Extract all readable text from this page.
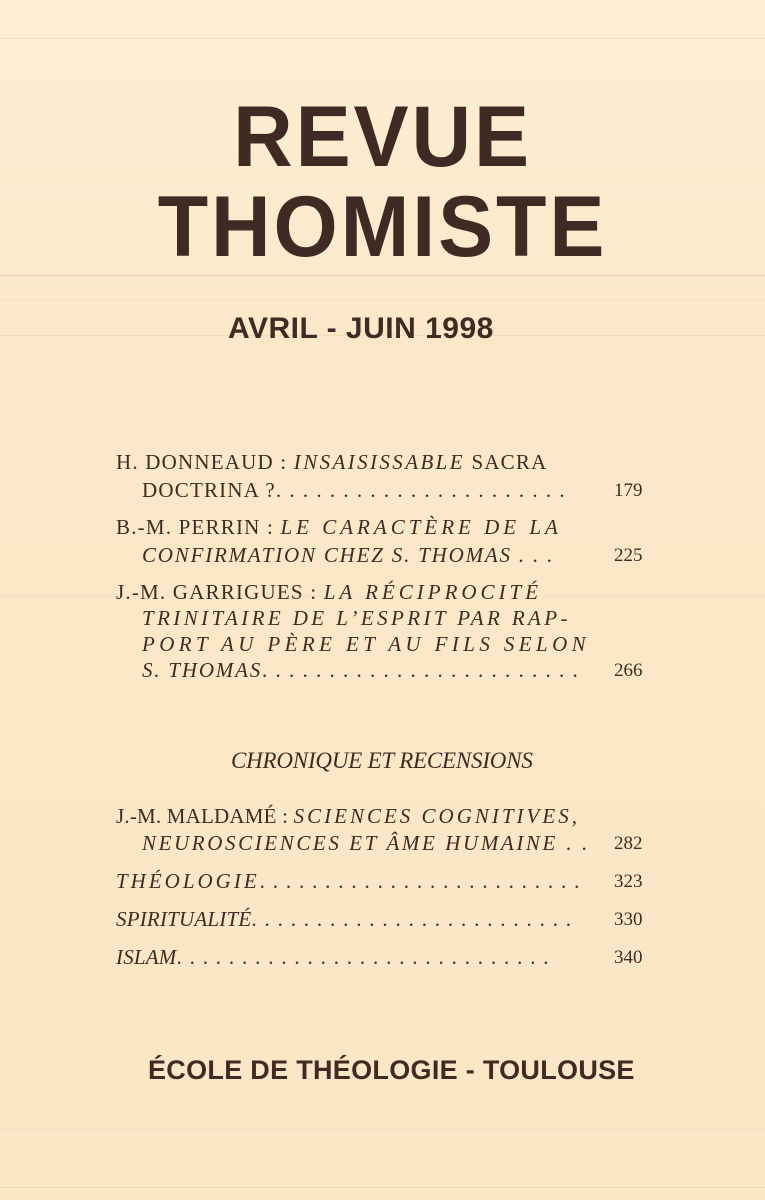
REVUE
THOMISTE
AVRIL - JUIN 1998
H. DONNEAUD : INSAISISSABLE SACRA
DOCTRINA ?. . . . . . . . . . . . . . . . . . . . . .	179
B.-M. PERRIN : LE CARACTÈRE DE LA
CONFIRMATION CHEZ S. THOMAS . . .	225
J.-M. GARRIGUES : LA RÉCIPROCITÉ
TRINITAIRE DE L’ESPRIT PAR RAP-
PORT AU PÈRE ET AU FILS SELON
S. THOMAS. . . . . . . . . . . . . . . . . . . . . . . . 266
CHRONIQUE ET RECENSIONS
J.-M. MALDAMÉ : SCIENCES COGNITIVES,
NEUROSCIENCES ET ÂME HUMAINE . . 282
THÉOLOGIE. . . . . . . . . . . . . . . . . . . . . . . . . 323
SPIRITUALITÉ. . . . . . . . . . . . . . . . . . . . . . . . . 330
ISLAM. . . . . . . . . . . . . . . . . . . . . . . . . . . . .	340
ÉCOLE DE THÉOLOGIE - TOULOUSE
